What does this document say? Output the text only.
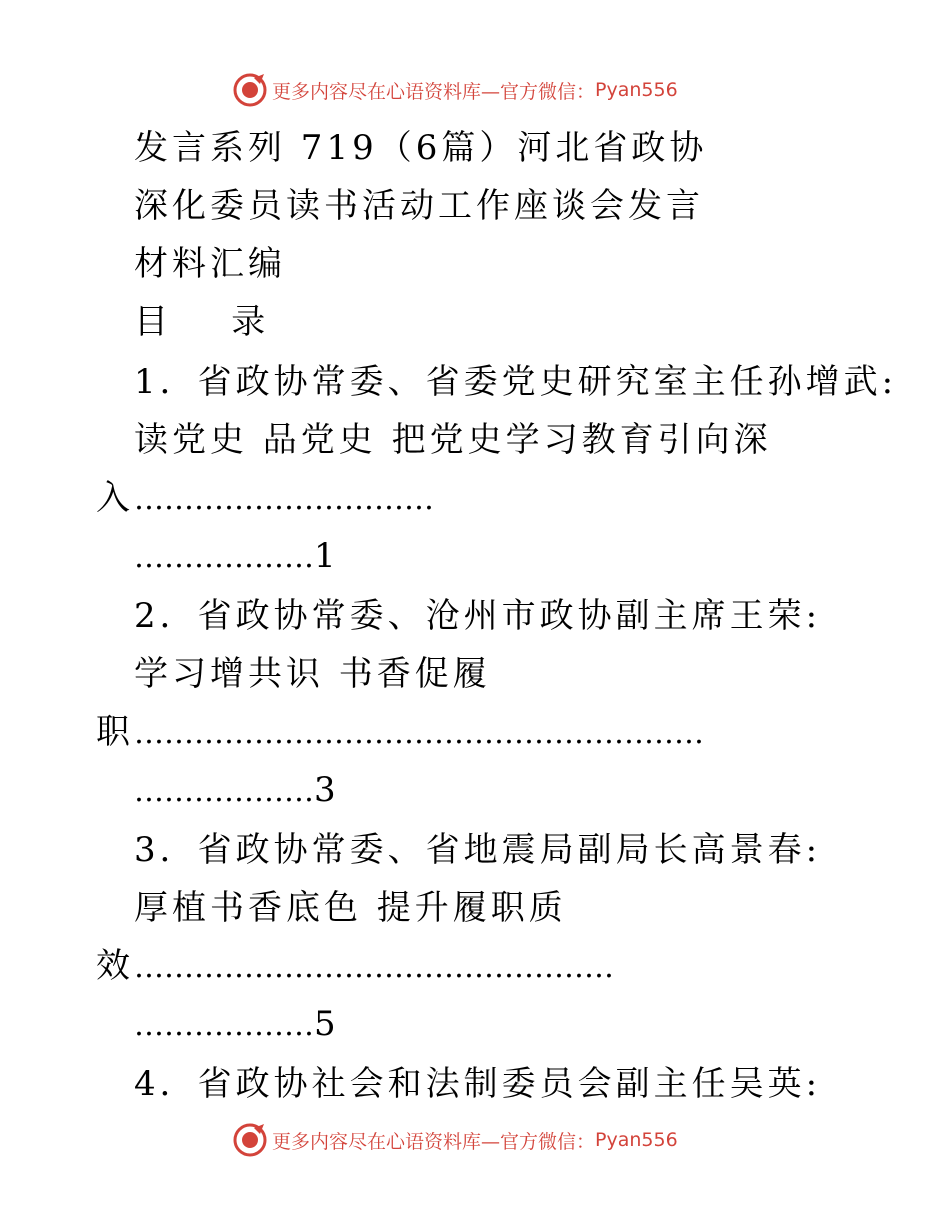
更多内容尽在心语资料库—官方微信： Pyan556
发言系列 719（6篇）河北省政协
深化委员读书活动工作座谈会发言
材料汇编
目    录
1．省政协常委、省委党史研究室主任孙增武:
读党史 品党史 把党史学习教育引向深
入…………………………
………………1
2．省政协常委、沧州市政协副主席王荣:
学习增共识 书香促履
职…………………………………………………
………………3
3．省政协常委、省地震局副局长高景春:
厚植书香底色 提升履职质
效…………………………………………
………………5
4．省政协社会和法制委员会副主任吴英:
更多内容尽在心语资料库—官方微信： Pyan556
